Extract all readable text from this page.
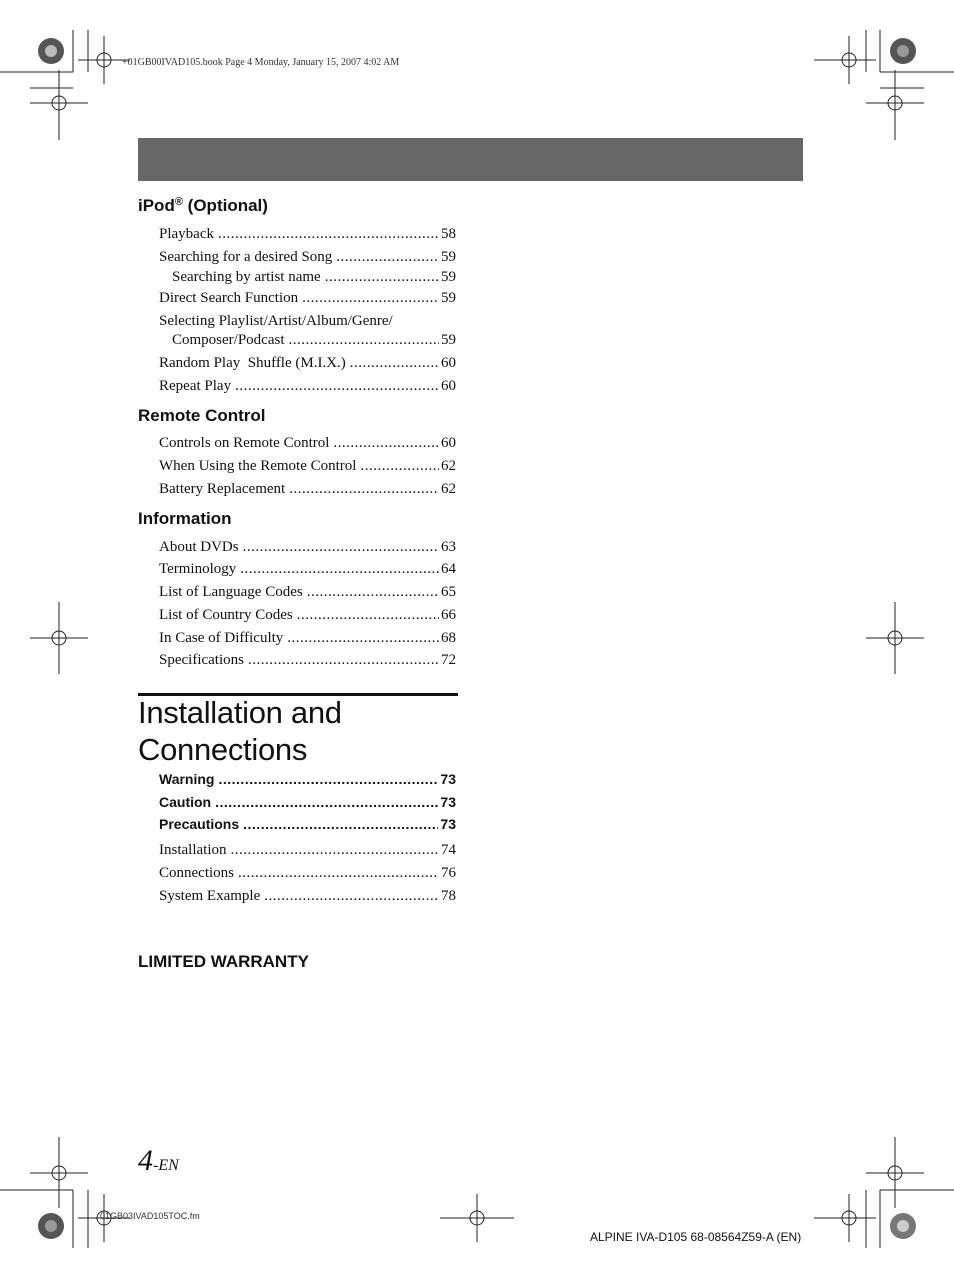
+01GB00IVAD105.book Page 4 Monday, January 15, 2007 4:02 AM
iPod® (Optional)
Playback .....	58
Searching for a desired Song .....	59
Searching by artist name .....	59
Direct Search Function .....	59
Selecting Playlist/Artist/Album/Genre/
Composer/Podcast .....	59
Random Play  Shuffle (M.I.X.) .....	60
Repeat Play .....	60
Remote Control
Controls on Remote Control .....	60
When Using the Remote Control .....	62
Battery Replacement .....	62
Information
About DVDs .....	63
Terminology .....	64
List of Language Codes .....	65
List of Country Codes .....	66
In Case of Difficulty .....	68
Specifications .....	72
Installation and
Connections
Warning .....	73
Caution .....	73
Precautions .....	73
Installation .....	74
Connections .....	76
System Example .....	78
LIMITED WARRANTY
4-EN
01GB03IVAD105TOC.fm
ALPINE IVA-D105 68-08564Z59-A (EN)
